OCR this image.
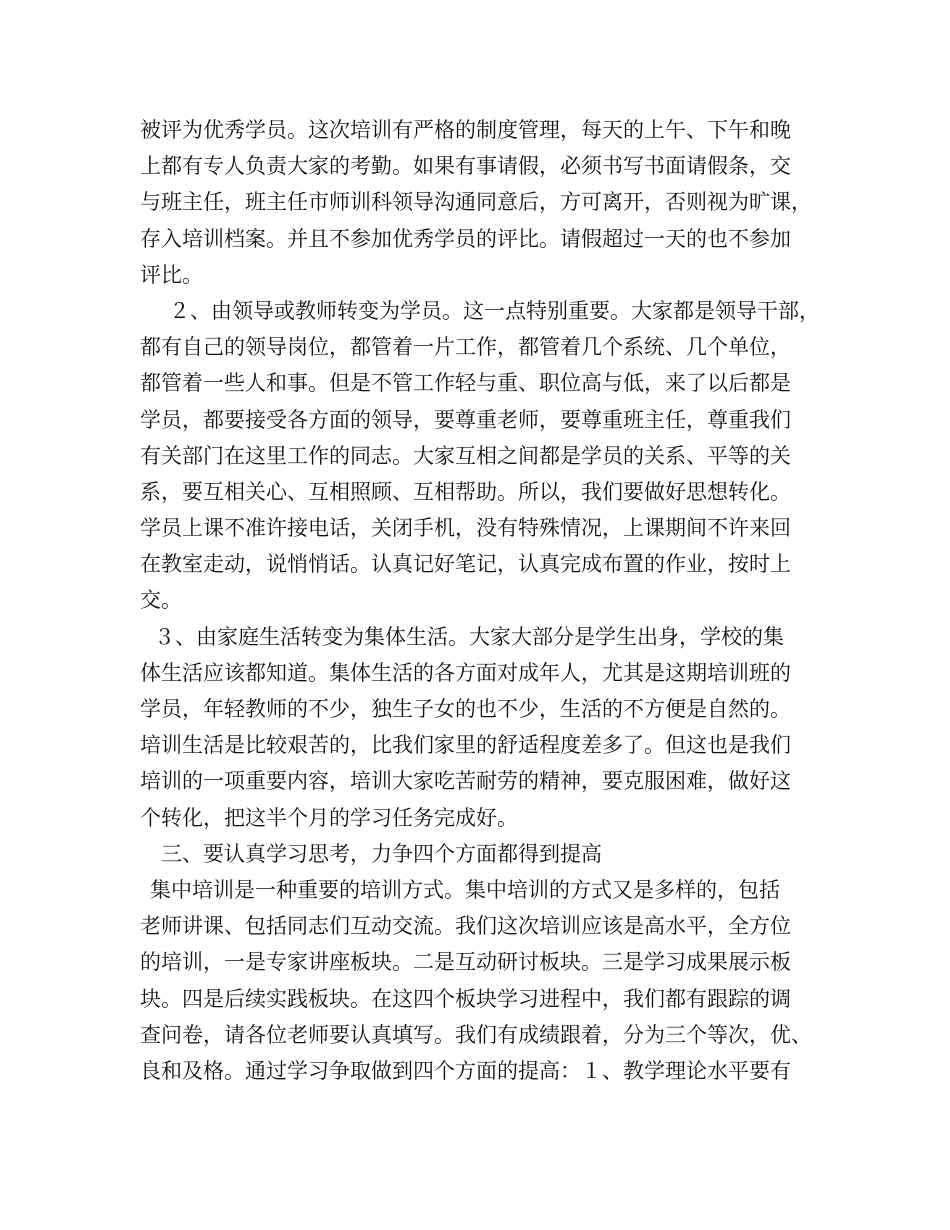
被评为优秀学员。这次培训有严格的制度管理，每天的上午、下午和晚
上都有专人负责大家的考勤。如果有事请假，必须书写书面请假条，交
与班主任，班主任市师训科领导沟通同意后，方可离开，否则视为旷课，
存入培训档案。并且不参加优秀学员的评比。请假超过一天的也不参加
评比。
　２、由领导或教师转变为学员。这一点特别重要。大家都是领导干部，
都有自己的领导岗位，都管着一片工作，都管着几个系统、几个单位，
都管着一些人和事。但是不管工作轻与重、职位高与低，来了以后都是
学员，都要接受各方面的领导，要尊重老师，要尊重班主任，尊重我们
有关部门在这里工作的同志。大家互相之间都是学员的关系、平等的关
系，要互相关心、互相照顾、互相帮助。所以，我们要做好思想转化。
学员上课不准许接电话，关闭手机，没有特殊情况，上课期间不许来回
在教室走动，说悄悄话。认真记好笔记，认真完成布置的作业，按时上
交。
３、由家庭生活转变为集体生活。大家大部分是学生出身，学校的集
体生活应该都知道。集体生活的各方面对成年人，尤其是这期培训班的
学员，年轻教师的不少，独生子女的也不少，生活的不方便是自然的。
培训生活是比较艰苦的，比我们家里的舒适程度差多了。但这也是我们
培训的一项重要内容，培训大家吃苦耐劳的精神，要克服困难，做好这
个转化，把这半个月的学习任务完成好。
三、要认真学习思考，力争四个方面都得到提高
集中培训是一种重要的培训方式。集中培训的方式又是多样的，包括
老师讲课、包括同志们互动交流。我们这次培训应该是高水平，全方位
的培训，一是专家讲座板块。二是互动研讨板块。三是学习成果展示板
块。四是后续实践板块。在这四个板块学习进程中，我们都有跟踪的调
查问卷，请各位老师要认真填写。我们有成绩跟着，分为三个等次，优、
良和及格。通过学习争取做到四个方面的提高：１、教学理论水平要有
